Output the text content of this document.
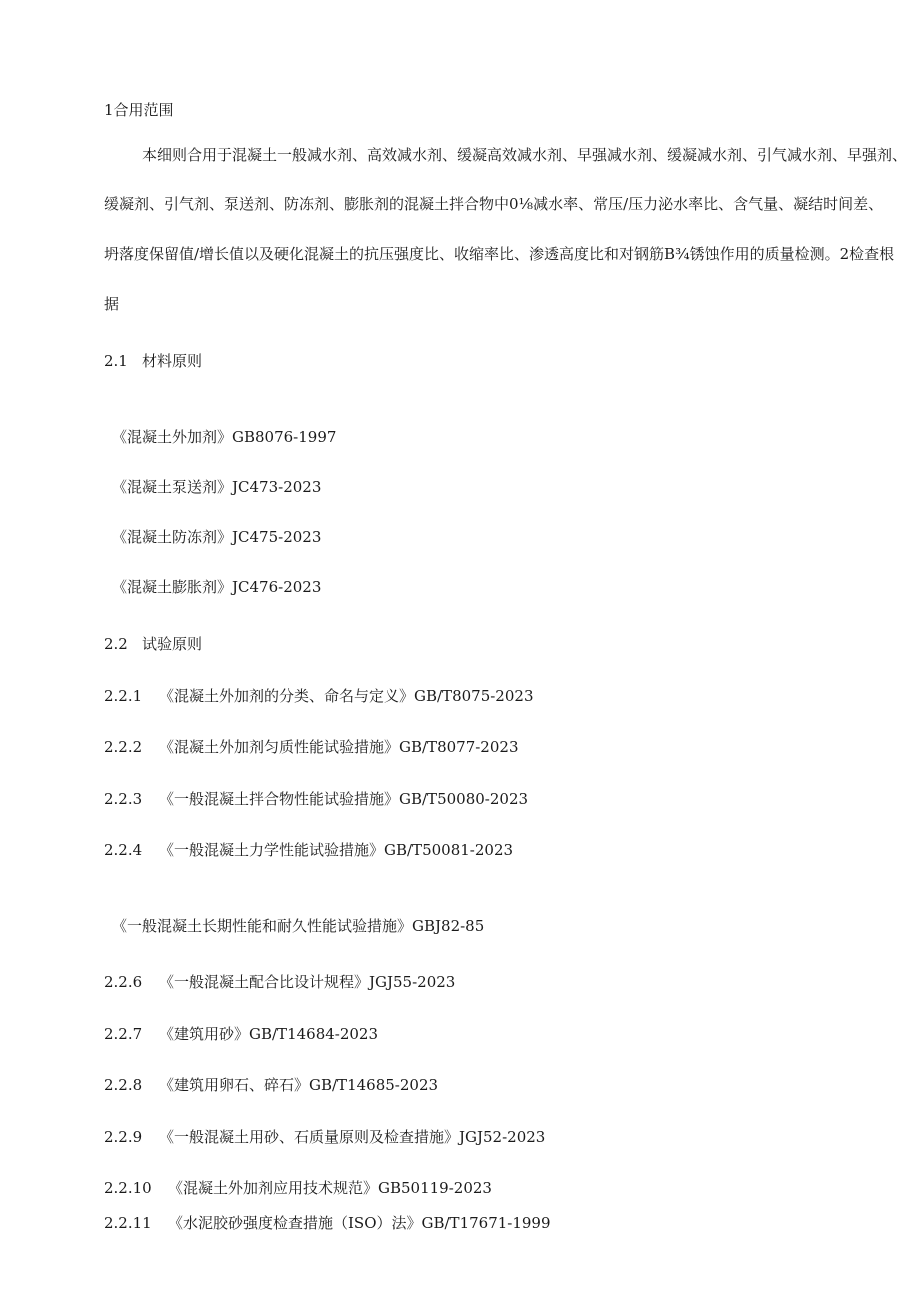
1合用范围
本细则合用于混凝土一般减水剂、高效减水剂、缓凝高效减水剂、早强减水剂、缓凝减水剂、引气减水剂、早强剂、
缓凝剂、引气剂、泵送剂、防冻剂、膨胀剂的混凝土拌合物中0⅛减水率、常压/压力泌水率比、含气量、凝结时间差、
坍落度保留值/增长值以及硬化混凝土的抗压强度比、收缩率比、渗透高度比和对钢筋B¾锈蚀作用的质量检测。2检查根
据
2.1 材料原则
《混凝土外加剂》GB8076-1997
《混凝土泵送剂》JC473-2023
《混凝土防冻剂》JC475-2023
《混凝土膨胀剂》JC476-2023
2.2 试验原则
2.2.1 《混凝土外加剂的分类、命名与定义》GB/T8075-2023
2.2.2 《混凝土外加剂匀质性能试验措施》GB/T8077-2023
2.2.3 《一般混凝土拌合物性能试验措施》GB/T50080-2023
2.2.4 《一般混凝土力学性能试验措施》GB/T50081-2023
《一般混凝土长期性能和耐久性能试验措施》GBJ82-85
2.2.6 《一般混凝土配合比设计规程》JGJ55-2023
2.2.7 《建筑用砂》GB/T14684-2023
2.2.8 《建筑用卵石、碎石》GB/T14685-2023
2.2.9 《一般混凝土用砂、石质量原则及检查措施》JGJ52-2023
2.2.10 《混凝土外加剂应用技术规范》GB50119-2023
2.2.11 《水泥胶砂强度检查措施（ISO）法》GB/T17671-1999
